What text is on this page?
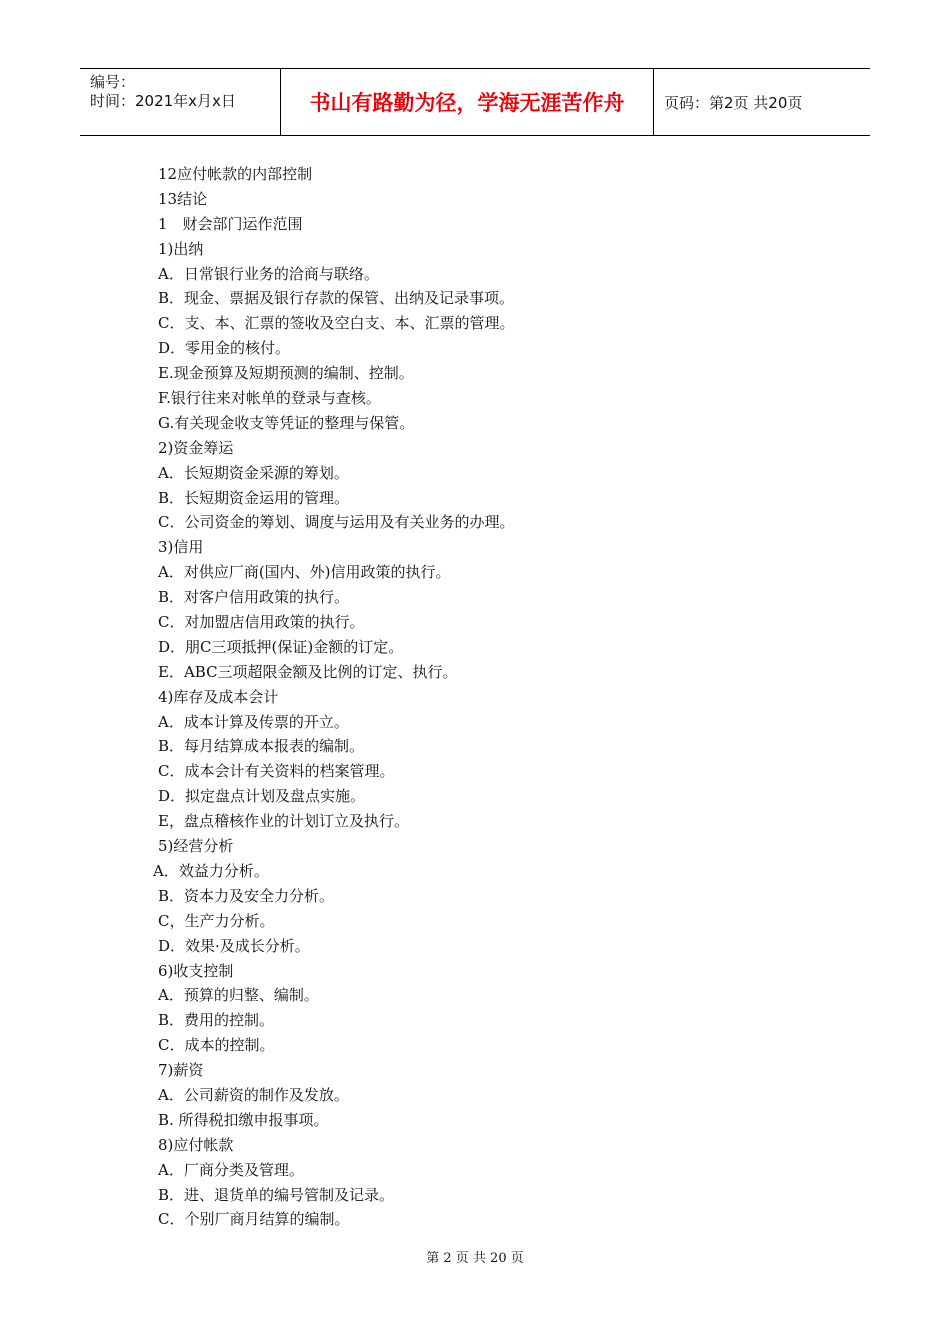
编号：
时间：2021年x月x日	书山有路勤为径，学海无涯苦作舟	页码：第2页 共20页
12应付帐款的内部控制
13结论
1　财会部门运作范围
1)出纳
A．日常银行业务的洽商与联络。
B．现金、票据及银行存款的保管、出纳及记录事项。
C．支、本、汇票的签收及空白支、本、汇票的管理。
D．零用金的核付。
E.现金预算及短期预测的编制、控制。
F.银行往来对帐单的登录与查核。
G.有关现金收支等凭证的整理与保管。
2)资金筹运
A．长短期资金采源的筹划。
B．长短期资金运用的管理。
C．公司资金的筹划、调度与运用及有关业务的办理。
3)信用
A．对供应厂商(国内、外)信用政策的执行。
B．对客户信用政策的执行。
C．对加盟店信用政策的执行。
D．朋C三项抵押(保证)金额的订定。
E．ABC三项超限金额及比例的订定、执行。
4)库存及成本会计
A．成本计算及传票的开立。
B．每月结算成本报表的编制。
C．成本会计有关资料的档案管理。
D．拟定盘点计划及盘点实施。
E，盘点稽核作业的计划订立及执行。
5)经营分析
A．效益力分析。
B．资本力及安全力分析。
C，生产力分析。
D．效果·及成长分析。
6)收支控制
A．预算的归整、编制。
B．费用的控制。
C．成本的控制。
7)薪资
A．公司薪资的制作及发放。
B. 所得税扣缴申报事项。
8)应付帐款
A．厂商分类及管理。
B．进、退货单的编号管制及记录。
C．个别厂商月结算的编制。
第 2 页 共 20 页
